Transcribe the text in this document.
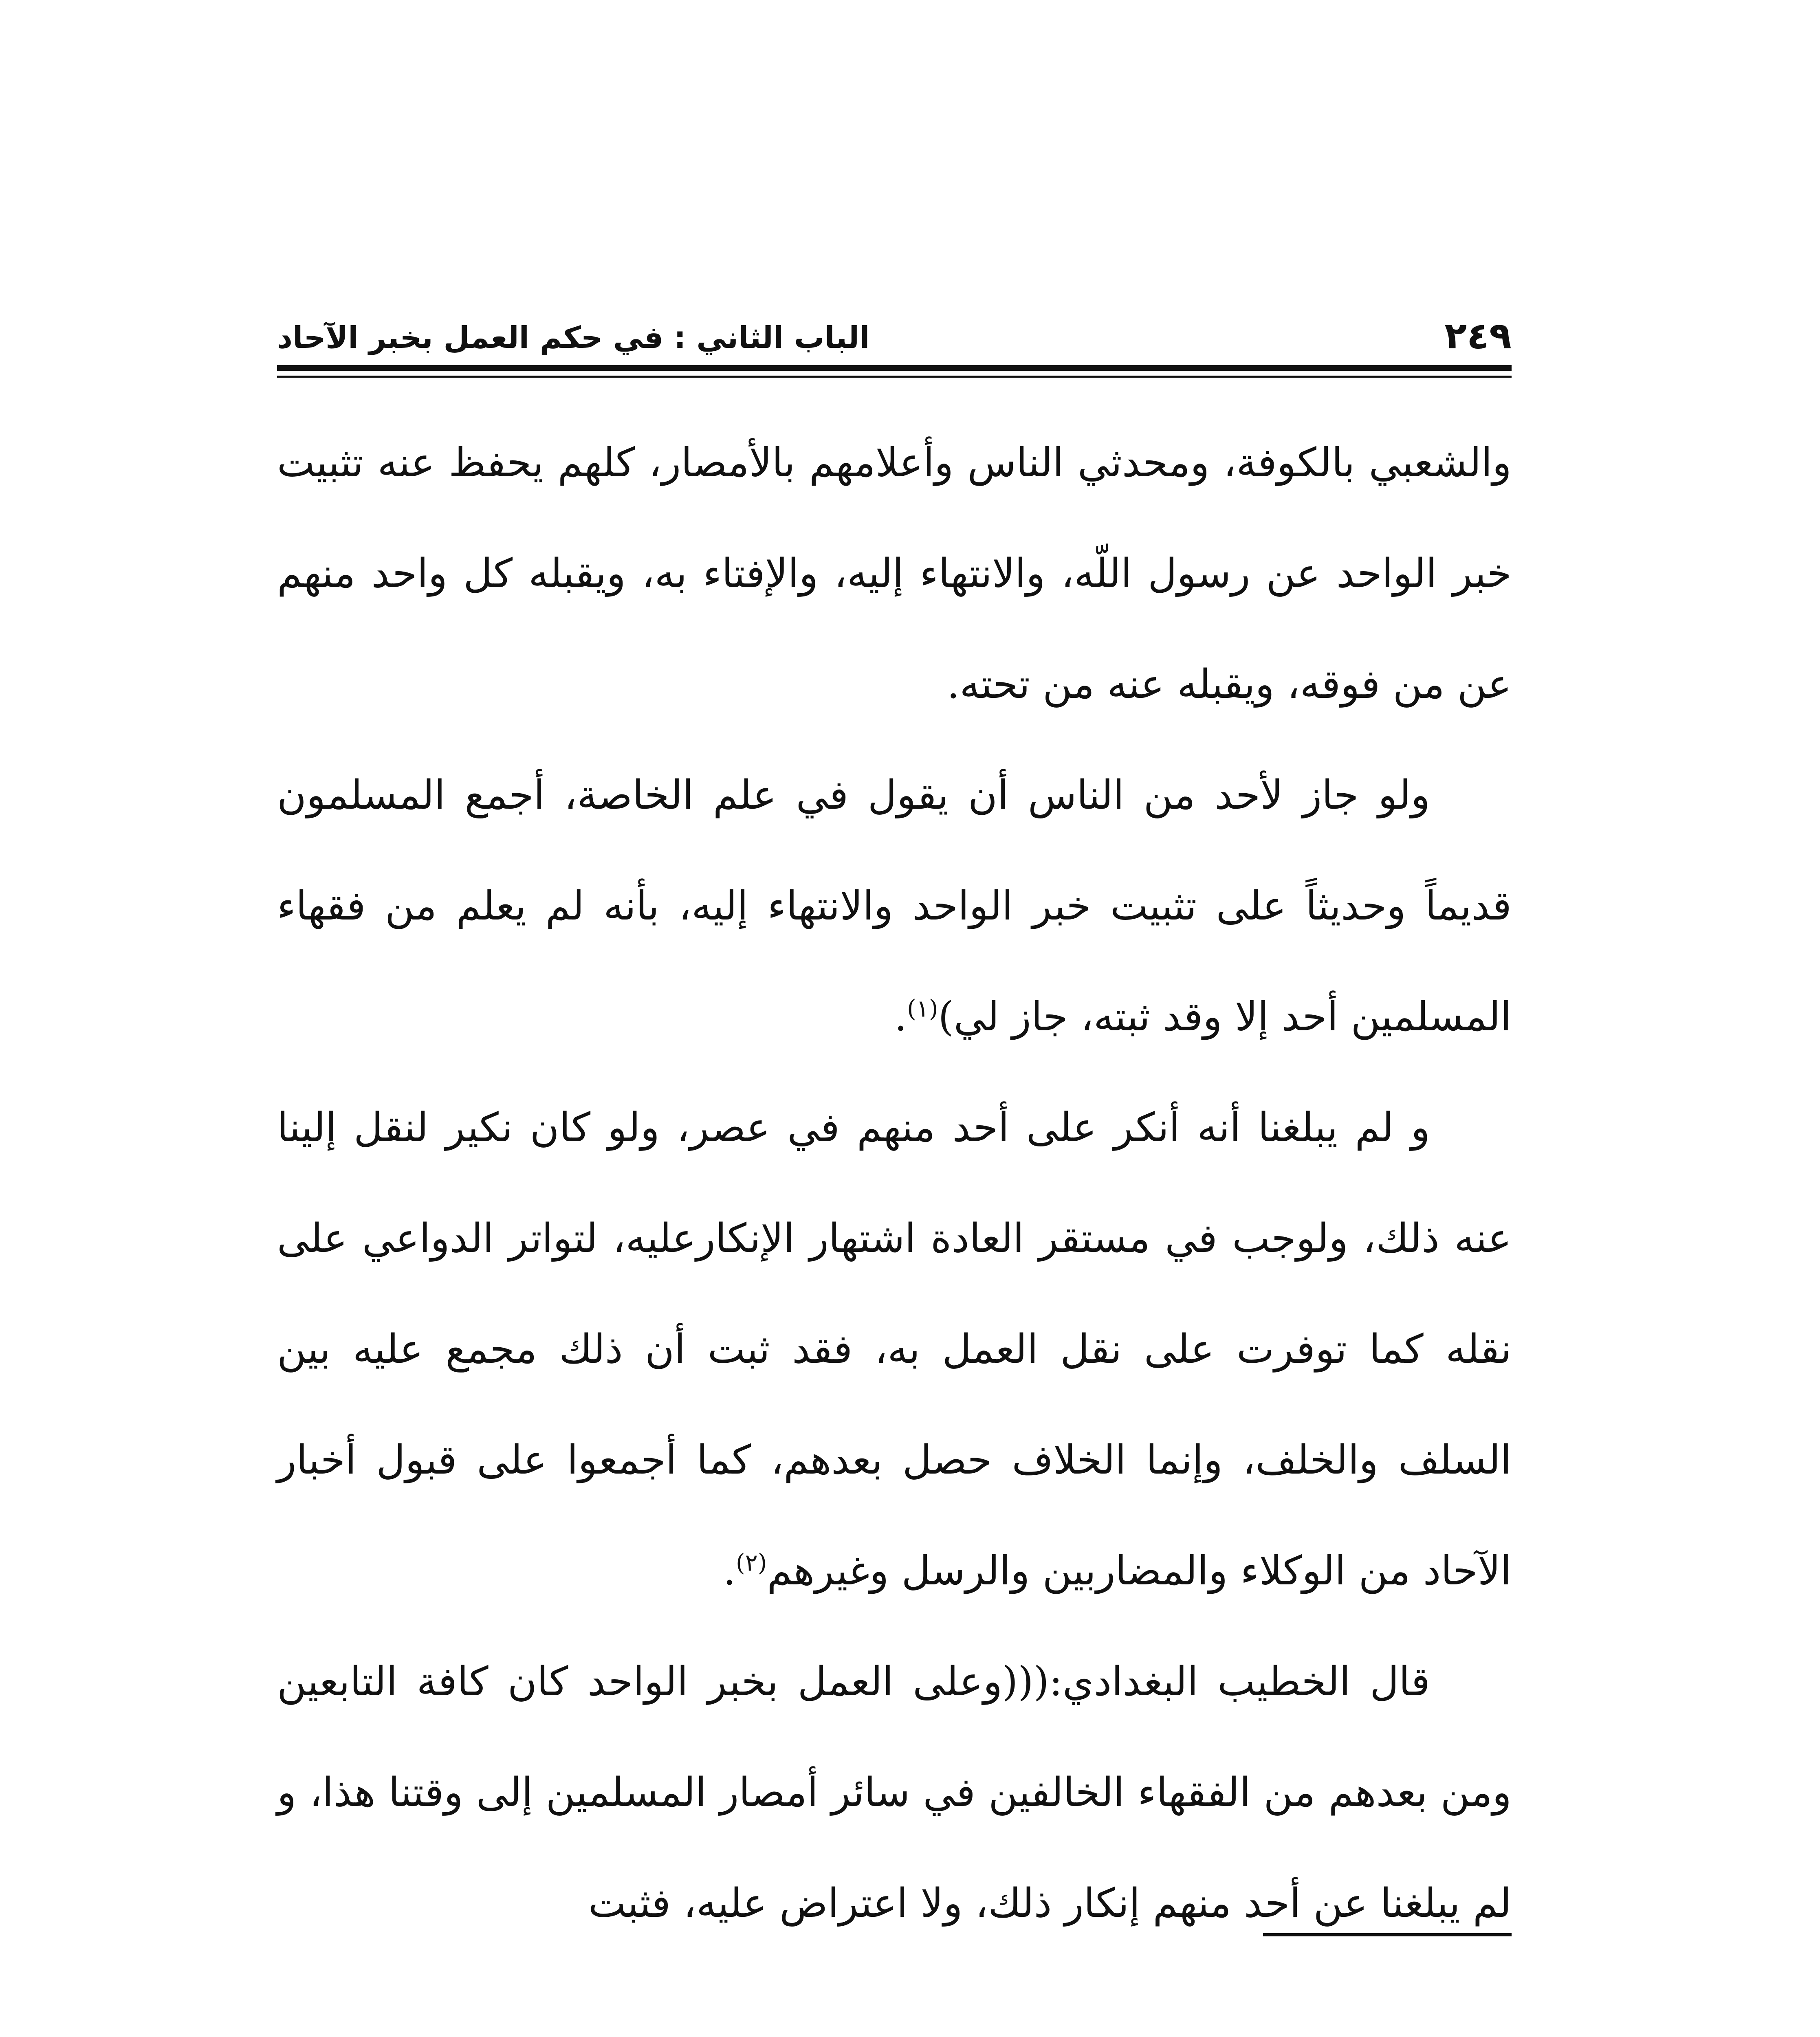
٢٤٩
الباب الثاني : في حكم العمل بخبر الآحاد

والشعبي بالكوفة، ومحدثي الناس وأعلامهم بالأمصار، كلهم يحفظ عنه تثبيت خبر الواحد عن رسول اللّه، والانتهاء إليه، والإفتاء به، ويقبله كل واحد منهم عن من فوقه، ويقبله عنه من تحته.

ولو جاز لأحد من الناس أن يقول في علم الخاصة، أجمع المسلمون قديماً وحديثاً على تثبيت خبر الواحد والانتهاء إليه، بأنه لم يعلم من فقهاء المسلمين أحد إلا وقد ثبته، جاز لي)$^{(١)}$.

و لم يبلغنا أنه أنكر على أحد منهم في عصر، ولو كان نكير لنقل إلينا عنه ذلك، ولوجب في مستقر العادة اشتهار الإنكارعليه، لتواتر الدواعي على نقله كما توفرت على نقل العمل به، فقد ثبت أن ذلك مجمع عليه بين السلف والخلف، وإنما الخلاف حصل بعدهم، كما أجمعوا على قبول أخبار الآحاد من الوكلاء والمضاربين والرسل وغيرهم$^{(٢)}$.

قال الخطيب البغدادي:(((وعلى العمل بخبر الواحد كان كافة التابعين ومن بعدهم من الفقهاء الخالفين في سائر أمصار المسلمين إلى وقتنا هذا، و لم يبلغنا عن أحد منهم إنكار ذلك، ولا اعتراض عليه، فثبت
